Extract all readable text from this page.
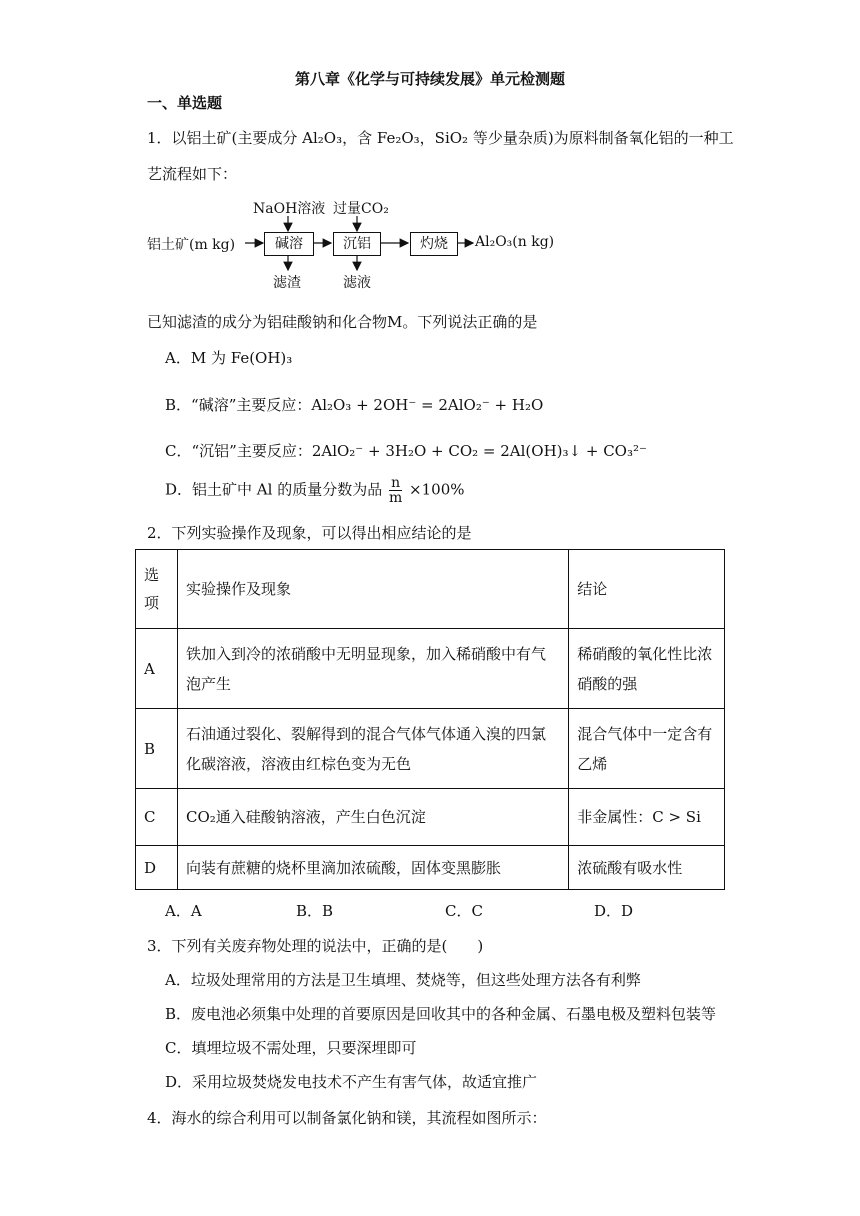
第八章《化学与可持续发展》单元检测题
一、单选题
1．以铝土矿(主要成分 Al₂O₃，含 Fe₂O₃，SiO₂ 等少量杂质)为原料制备氧化铝的一种工
艺流程如下：
铝土矿(m kg)	碱溶	沉铝	灼烧	Al₂O₃(n kg)
NaOH溶液 过量CO₂
滤渣	滤液
已知滤渣的成分为铝硅酸钠和化合物M。下列说法正确的是
A．M 为 Fe(OH)₃
B．“碱溶”主要反应：Al₂O₃ + 2OH⁻ = 2AlO₂⁻ + H₂O
C．“沉铝”主要反应：2AlO₂⁻ + 3H₂O + CO₂ = 2Al(OH)₃↓ + CO₃²⁻
D．铝土矿中 Al 的质量分数为品 $\frac{n}{m} \times 100\%$
2．下列实验操作及现象，可以得出相应结论的是
选项	实验操作及现象	结论
A	铁加入到冷的浓硝酸中无明显现象，加入稀硝酸中有气泡产生	稀硝酸的氧化性比浓硝酸的强
B	石油通过裂化、裂解得到的混合气体气体通入溴的四氯化碳溶液，溶液由红棕色变为无色	混合气体中一定含有乙烯
C	CO₂通入硅酸钠溶液，产生白色沉淀	非金属性：C > Si
D	向装有蔗糖的烧杯里滴加浓硫酸，固体变黑膨胀	浓硫酸有吸水性
A．A	B．B	C．C	D．D
3．下列有关废弃物处理的说法中，正确的是(　　)
A．垃圾处理常用的方法是卫生填埋、焚烧等，但这些处理方法各有利弊
B．废电池必须集中处理的首要原因是回收其中的各种金属、石墨电极及塑料包装等
C．填埋垃圾不需处理，只要深埋即可
D．采用垃圾焚烧发电技术不产生有害气体，故适宜推广
4．海水的综合利用可以制备氯化钠和镁，其流程如图所示：
